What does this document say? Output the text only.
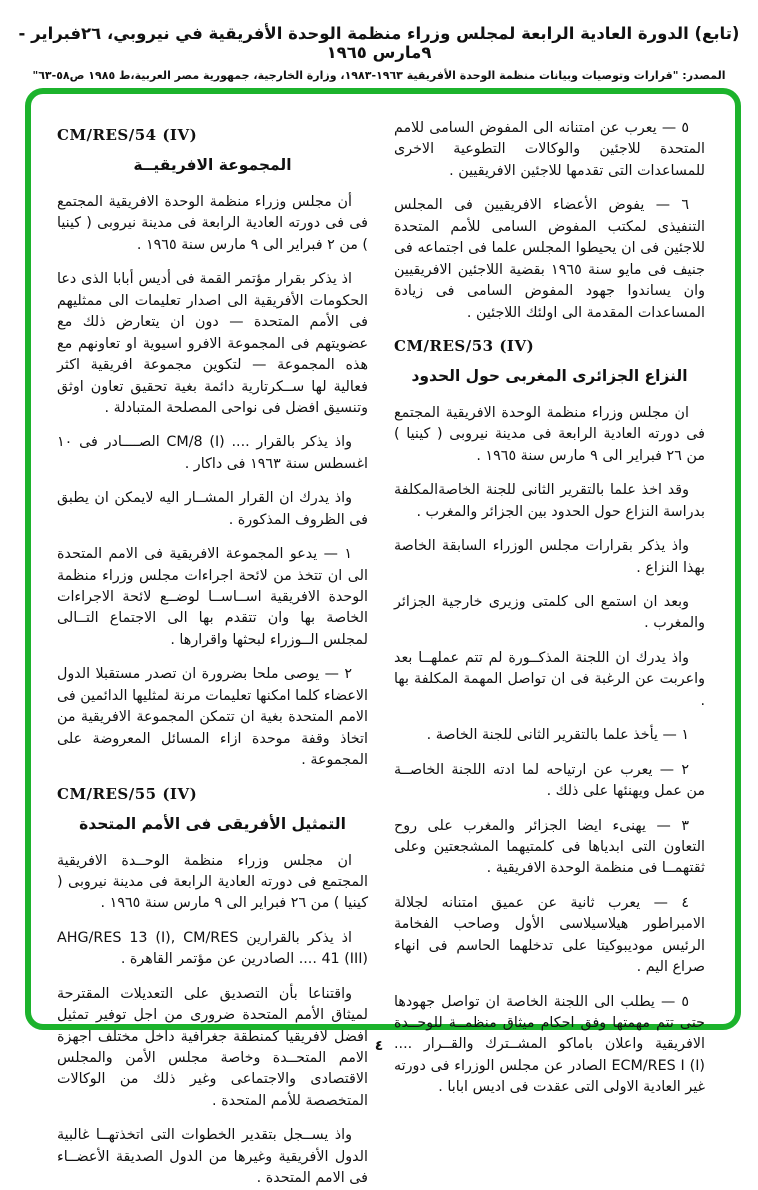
(تابع) الدورة العادية الرابعة لمجلس وزراء منظمة الوحدة الأفريقية في نيروبي، ٢٦فبراير - ٩مارس ١٩٦٥
المصدر: "قرارات وتوصيات وبيانات منظمة الوحدة الأفريقية ١٩٦٣-١٩٨٣، وزارة الخارجية، جمهورية مصر العربية،ط ١٩٨٥ ص٥٨-٦٣"
٥ — يعرب عن امتنانه الى المفوض السامى للامم المتحدة للاجئين والوكالات التطوعية الاخرى للمساعدات التى تقدمها للاجئين الافريقيين .
٦ — يفوض الأعضاء الافريقيين فى المجلس التنفيذى لمكتب المفوض السامى للأمم المتحدة للاجئين فى ان يحيطوا المجلس علما فى اجتماعه فى جنيف فى مايو سنة ١٩٦٥ بقضية اللاجئين الافريقيين وان يساندوا جهود المفوض السامى فى زيادة المساعدات المقدمة الى اولئك اللاجئين .
CM/RES/53 (IV)
النزاع الجزائرى المغربى حول الحدود
ان مجلس وزراء منظمة الوحدة الافريقية المجتمع فى دورته العادية الرابعة فى مدينة نيروبى ( كينيا ) من ٢٦ فبراير الى ٩ مارس سنة ١٩٦٥ .
وقد اخذ علما بالتقرير الثانى للجنة الخاصةالمكلفة بدراسة النزاع حول الحدود بين الجزائر والمغرب .
واذ يذكر بقرارات مجلس الوزراء السابقة الخاصة بهذا النزاع .
وبعد ان استمع الى كلمتى وزيرى خارجية الجزائر والمغرب .
واذ يدرك ان اللجنة المذكــورة لم تتم عملهــا بعد واعربت عن الرغبة فى ان تواصل المهمة المكلفة بها .
١ — يأخذ علما بالتقرير الثانى للجنة الخاصة .
٢ — يعرب عن ارتياحه لما ادته اللجنة الخاصــة من عمل ويهنئها على ذلك .
٣ — يهنىء ايضا الجزائر والمغرب على روح التعاون التى ابدياها فى كلمتيهما المشجعتين وعلى ثقتهمــا فى منظمة الوحدة الافريقية .
٤ — يعرب ثانية عن عميق امتنانه لجلالة الامبراطور هيلاسيلاسى الأول وصاحب الفخامة الرئيس موديبوكيتا على تدخلهما الحاسم فى انهاء صراع اليم .
٥ — يطلب الى اللجنة الخاصة ان تواصل جهودها حتى تتم مهمتها وفق احكام ميثاق منظمــة للوحــدة الافريقية واعلان باماكو المشــترك والقــرار .... ‎ECM/RES I (I)‎ الصادر عن مجلس الوزراء فى دورته غير العادية الاولى التى عقدت فى اديس ابابا .
CM/RES/54 (IV)
المجموعة الافريقيــة
أن مجلس وزراء منظمة الوحدة الافريقية المجتمع فى فى دورته العادية الرابعة فى مدينة نيروبى ( كينيا ) من ٢ فبراير الى ٩ مارس سنة ١٩٦٥ .
اذ يذكر بقرار مؤتمر القمة فى أديس أبابا الذى دعا الحكومات الأفريقية الى اصدار تعليمات الى ممثليهم فى الأمم المتحدة — دون ان يتعارض ذلك مع عضويتهم فى المجموعة الافرو اسيوية او تعاونهم مع هذه المجموعة — لتكوين مجموعة افريقية اكثر فعالية لها ســكرتارية دائمة بغية تحقيق تعاون اوثق وتنسيق افضل فى نواحى المصلحة المتبادلة .
واذ يذكر بالقرار .... ‎CM/8 (I)‎ الصــــادر فى ١٠ اغسطس سنة ١٩٦٣ فى داكار .
واذ يدرك ان القرار المشــار اليه لايمكن ان يطبق فى الظروف المذكورة .
١ — يدعو المجموعة الافريقية فى الامم المتحدة الى ان تتخذ من لائحة اجراءات مجلس وزراء منظمة الوحدة الافريقية اســاســا لوضــع لائحة الاجراءات الخاصة بها وان تتقدم بها الى الاجتماع التــالى لمجلس الــوزراء لبحثها واقرارها .
٢ — يوصى ملحا بضرورة ان تصدر مستقبلا الدول الاعضاء كلما امكنها تعليمات مرنة لمثليها الدائمين فى الامم المتحدة بغية ان تتمكن المجموعة الافريقية من اتخاذ وقفة موحدة ازاء المسائل المعروضة على المجموعة .
CM/RES/55 (IV)
التمثيل الأفريقى فى الأمم المتحدة
ان مجلس وزراء منظمة الوحــدة الافريقية المجتمع فى دورته العادية الرابعة فى مدينة نيروبى ( كينيا ) من ٢٦ فبراير الى ٩ مارس سنة ١٩٦٥ .
اذ يذكر بالقرارين ‎AHG/RES 13 (I), CM/RES 41 (III)‎ .... الصادرين عن مؤتمر القاهرة .
واقتناعا بأن التصديق على التعديلات المقترحة لميثاق الأمم المتحدة ضرورى من اجل توفير تمثيل افضل لافريقيا كمنطقة جغرافية داخل مختلف اجهزة الامم المتحــدة وخاصة مجلس الأمن والمجلس الاقتصادى والاجتماعى وغير ذلك من الوكالات المتخصصة للأمم المتحدة .
واذ يســجل بتقدير الخطوات التى اتخذتهــا غالبية الدول الأفريقية وغيرها من الدول الصديقة الأعضــاء فى الامم المتحدة .
٤
